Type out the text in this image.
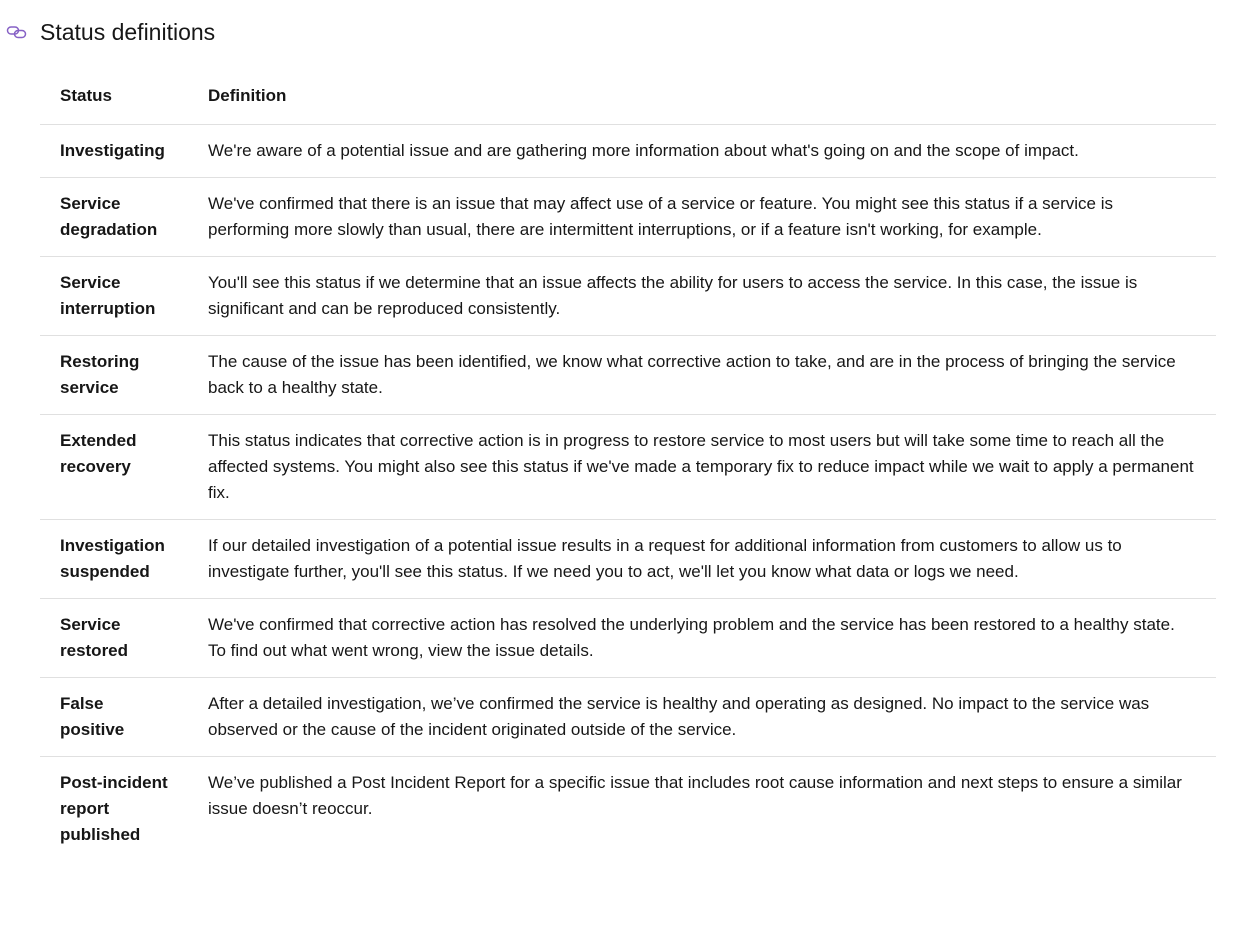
Status definitions
Status	Definition
Investigating	We're aware of a potential issue and are gathering more information about what's going on and the scope of impact.
Service degradation	We've confirmed that there is an issue that may affect use of a service or feature. You might see this status if a service is performing more slowly than usual, there are intermittent interruptions, or if a feature isn't working, for example.
Service interruption	You'll see this status if we determine that an issue affects the ability for users to access the service. In this case, the issue is significant and can be reproduced consistently.
Restoring service	The cause of the issue has been identified, we know what corrective action to take, and are in the process of bringing the service back to a healthy state.
Extended recovery	This status indicates that corrective action is in progress to restore service to most users but will take some time to reach all the affected systems. You might also see this status if we've made a temporary fix to reduce impact while we wait to apply a permanent fix.
Investigation suspended	If our detailed investigation of a potential issue results in a request for additional information from customers to allow us to investigate further, you'll see this status. If we need you to act, we'll let you know what data or logs we need.
Service restored	We've confirmed that corrective action has resolved the underlying problem and the service has been restored to a healthy state. To find out what went wrong, view the issue details.
False positive	After a detailed investigation, we’ve confirmed the service is healthy and operating as designed. No impact to the service was observed or the cause of the incident originated outside of the service.
Post-incident report published	We’ve published a Post Incident Report for a specific issue that includes root cause information and next steps to ensure a similar issue doesn’t reoccur.
